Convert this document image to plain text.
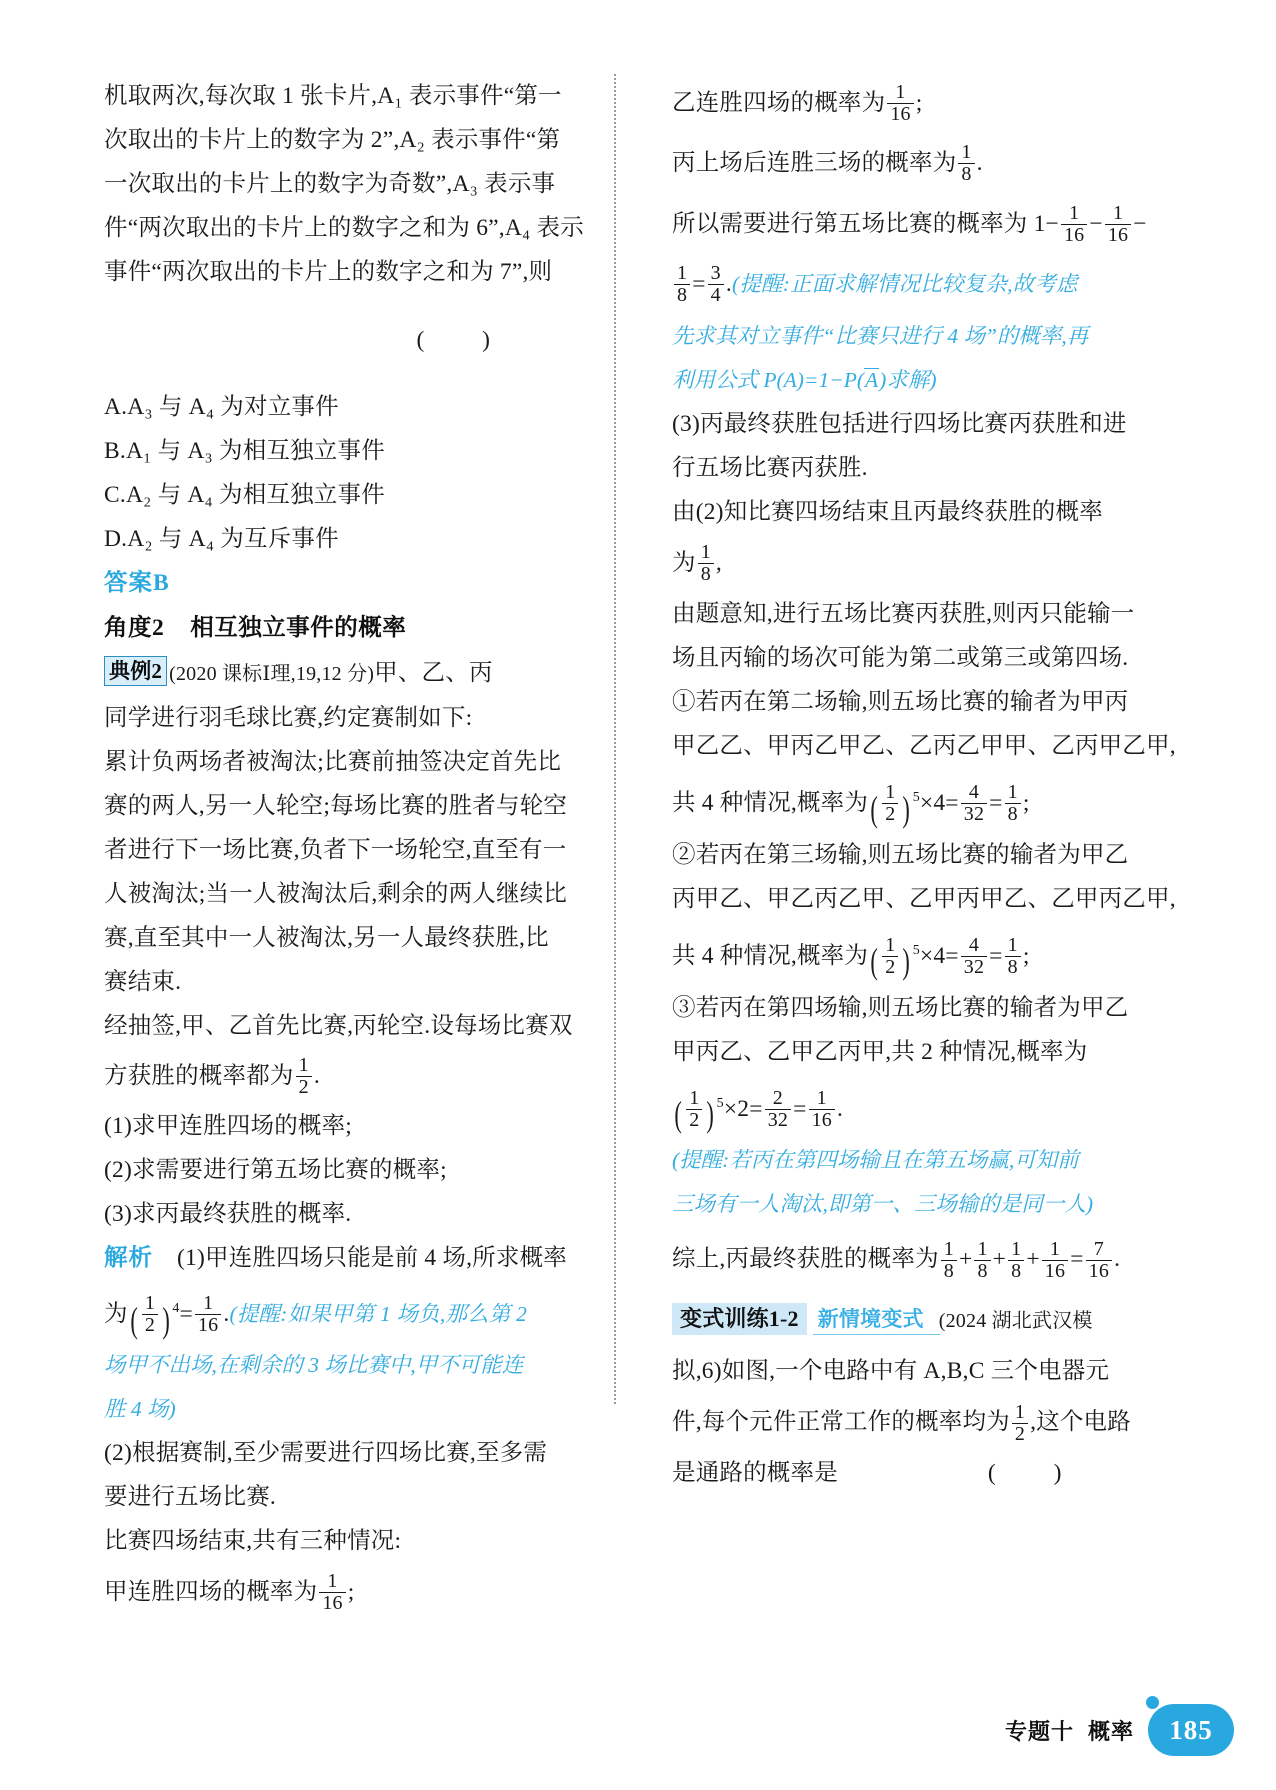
机取两次,每次取 1 张卡片,A₁ 表示事件“第一

次取出的卡片上的数字为 2”,A₂ 表示事件“第

一次取出的卡片上的数字为奇数”,A₃ 表示事

件“两次取出的卡片上的数字之和为 6”,A₄ 表示

事件“两次取出的卡片上的数字之和为 7”,则

( )

A.A₃ 与 A₄ 为对立事件

B.A₁ 与 A₃ 为相互独立事件

C.A₂ 与 A₄ 为相互独立事件

D.A₂ 与 A₄ 为互斥事件

答案B

角度2 相互独立事件的概率

典例2 (2020 课标Ⅰ理,19,12 分)甲、乙、丙

同学进行羽毛球比赛,约定赛制如下:

累计负两场者被淘汰;比赛前抽签决定首先比

赛的两人,另一人轮空;每场比赛的胜者与轮空

者进行下一场比赛,负者下一场轮空,直至有一

人被淘汰;当一人被淘汰后,剩余的两人继续比

赛,直至其中一人被淘汰,另一人最终获胜,比

赛结束.

经抽签,甲、乙首先比赛,丙轮空.设每场比赛双

方获胜的概率都为 $\frac{1}{2}$ .

(1)求甲连胜四场的概率;

(2)求需要进行第五场比赛的概率;

(3)求丙最终获胜的概率.

解析 (1)甲连胜四场只能是前 4 场,所求概率

为( $\frac{1}{2}$ ) $^4= \frac{1}{16}$ .(提醒:如果甲第 1 场负,那么第 2

场甲不出场,在剩余的 3 场比赛中,甲不可能连

胜 4 场)

(2)根据赛制,至少需要进行四场比赛,至多需

要进行五场比赛.

比赛四场结束,共有三种情况:

甲连胜四场的概率为 $\frac{1}{16}$ ;

乙连胜四场的概率为 $\frac{1}{16}$ ;

丙上场后连胜三场的概率为 $\frac{1}{8}$ .

所以需要进行第五场比赛的概率为 $1- \frac{1}{16} - \frac{1}{16}$ −

$\frac{1}{8} = \frac{3}{4}$ .(提醒:正面求解情况比较复杂,故考虑

先求其对立事件“比赛只进行 4 场”的概率,再

利用公式 P(A)=1−P(A)求解)

(3)丙最终获胜包括进行四场比赛丙获胜和进

行五场比赛丙获胜.

由(2)知比赛四场结束且丙最终获胜的概率

为 $\frac{1}{8}$ ,

由题意知,进行五场比赛丙获胜,则丙只能输一

场且丙输的场次可能为第二或第三或第四场.

①若丙在第二场输,则五场比赛的输者为甲丙

甲乙乙、甲丙乙甲乙、乙丙乙甲甲、乙丙甲乙甲,

共 4 种情况,概率为( $\frac{1}{2}$ ) $^5\times 4= \frac{4}{32} = \frac{1}{8}$ ;

②若丙在第三场输,则五场比赛的输者为甲乙

丙甲乙、甲乙丙乙甲、乙甲丙甲乙、乙甲丙乙甲,

共 4 种情况,概率为( $\frac{1}{2}$ ) $^5\times 4= \frac{4}{32} = \frac{1}{8}$ ;

③若丙在第四场输,则五场比赛的输者为甲乙

甲丙乙、乙甲乙丙甲,共 2 种情况,概率为

( $\frac{1}{2}$ ) $^5\times 2= \frac{2}{32} = \frac{1}{16}$ .

(提醒:若丙在第四场输且在第五场赢,可知前

三场有一人淘汰,即第一、三场输的是同一人)

综上,丙最终获胜的概率为 $\frac{1}{8} + \frac{1}{8} + \frac{1}{8} + \frac{1}{16} = \frac{7}{16}$ .

变式训练1-2 新情境变式 (2024 湖北武汉模

拟,6)如图,一个电路中有 A,B,C 三个电器元

件,每个元件正常工作的概率均为 $\frac{1}{2}$ ,这个电路

是通路的概率是	( )

专题十 概率 185
